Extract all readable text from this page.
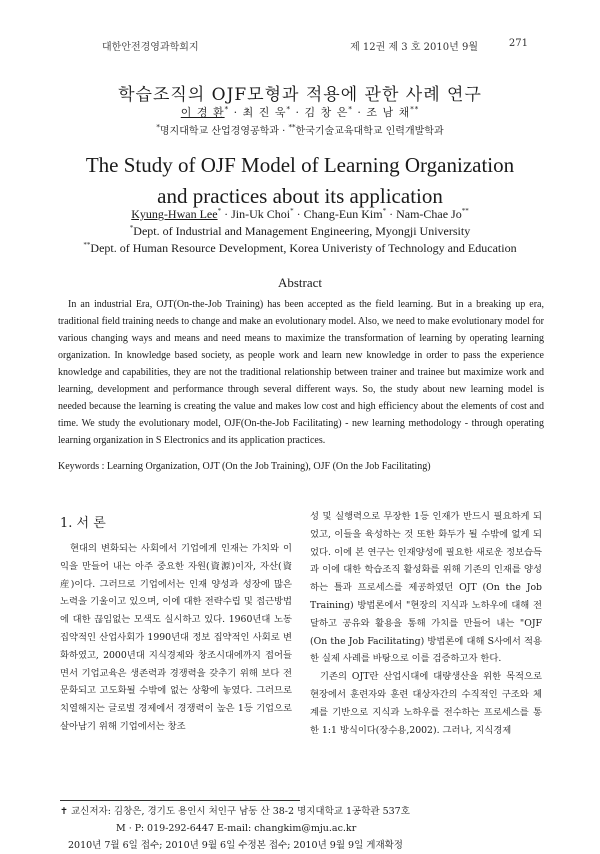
대한안전경영과학회지	제 12권 제 3 호 2010년 9월	271
학습조직의 OJF모형과 적용에 관한 사례 연구
이 경 환* · 최 진 욱* · 김 창 은* · 조 남 채**
*명지대학교 산업경영공학과 · **한국기술교육대학교 인력개발학과
The Study of OJF Model of Learning Organization
and practices about its application
Kyung-Hwan Lee* · Jin-Uk Choi* · Chang-Eun Kim* · Nam-Chae Jo**
*Dept. of Industrial and Management Engineering, Myongji University
**Dept. of Human Resource Development, Korea Univeristy of Technology and Education
Abstract

In an industrial Era, OJT(On-the-Job Training) has been accepted as the field learning. But in a breaking up era, traditional field training needs to change and make an evolutionary model. Also, we need to make evolutionary model for various changing ways and means and need means to maximize the transformation of learning by operating learning organization. In knowledge based society, as people work and learn new knowledge in order to pass the experience knowledge and capabilities, they are not the traditional relationship between trainer and trainee but maximize work and learning, development and performance through several different ways. So, the study about new learning model is needed because the learning is creating the value and makes low cost and high efficiency about the elements of cost and time. We study the evolutionary model, OJF(On-the-Job Facilitating) - new learning methodology - through operating learning organization in S Electronics and its application practices.

Keywords : Learning Organization, OJT (On the Job Training), OJF (On the Job Facilitating)
1. 서 론

현대의 변화되는 사회에서 기업에게 인재는 가치와 이익을 만들어 내는 아주 중요한 자원(資源)이자, 자산(資産)이다. 그러므로 기업에서는 인재 양성과 성장에 많은 노력을 기울이고 있으며, 이에 대한 전략수립 및 접근방법에 대한 끊임없는 모색도 실시하고 있다. 1960년대 노동 집약적인 산업사회가 1990년대 정보 집약적인 사회로 변화하였고, 2000년대 지식경제와 창조시대에까지 접어들면서 기업교육은 생존력과 경쟁력을 갖추기 위해 보다 전문화되고 고도화될 수밖에 없는 상황에 놓였다. 그러므로 치열해지는 글로벌 경제에서 경쟁력이 높은 1등 기업으로 살아남기 위해 기업에서는 창조

성 및 실행력으로 무장한 1등 인재가 반드시 필요하게 되었고, 이들을 육성하는 것 또한 화두가 될 수밖에 없게 되었다. 이에 본 연구는 인재양성에 필요한 새로운 정보습득과 이에 대한 학습조직 활성화를 위해 기존의 인재를 양성하는 틀과 프로세스를 제공하였던 OJT (On the Job Training) 방법론에서 "현장의 지식과 노하우에 대해 전달하고 공유와 활용을 통해 가치를 만들어 내는 "OJF (On the Job Facilitating) 방법론에 대해 S사에서 적용한 실제 사례를 바탕으로 이를 검증하고자 한다.

기존의 OJT란 산업시대에 대량생산을 위한 목적으로 현장에서 훈련자와 훈련 대상자간의 수직적인 구조와 체계를 기반으로 지식과 노하우를 전수하는 프로세스를 통한 1:1 방식이다(장수용,2002). 그러나, 지식경제

✝ 교신저자: 김창은, 경기도 용인시 처인구 남동 산 38-2 명지대학교 1공학관 537호
M · P: 019-292-6447 E-mail: changkim@mju.ac.kr
2010년 7월 6일 접수; 2010년 9월 6일 수정본 접수; 2010년 9월 9일 게재확정
